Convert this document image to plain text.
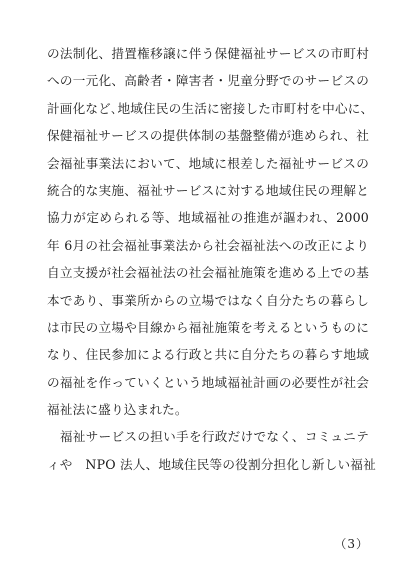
の法制化、措置権移譲に伴う保健福祉サービスの市町村
への一元化、高齢者・障害者・児童分野でのサービスの
計画化など､地域住民の生活に密接した市町村を中心に、
保健福祉サービスの提供体制の基盤整備が進められ、社
会福祉事業法において、地域に根差した福祉サービスの
統合的な実施、福祉サービスに対する地域住民の理解と
協力が定められる等、地域福祉の推進が謳われ、2000
年 6月の社会福祉事業法から社会福祉法への改正により
自立支援が社会福祉法の社会福祉施策を進める上での基
本であり、事業所からの立場ではなく自分たちの暮らし
は市民の立場や目線から福祉施策を考えるというものに
なり、住民参加による行政と共に自分たちの暮らす地域
の福祉を作っていくという地域福祉計画の必要性が社会
福祉法に盛り込まれた。
　福祉サービスの担い手を行政だけでなく、コミュニテ
ィや　NPO 法人、地域住民等の役割分担化し新しい福祉
（3）
